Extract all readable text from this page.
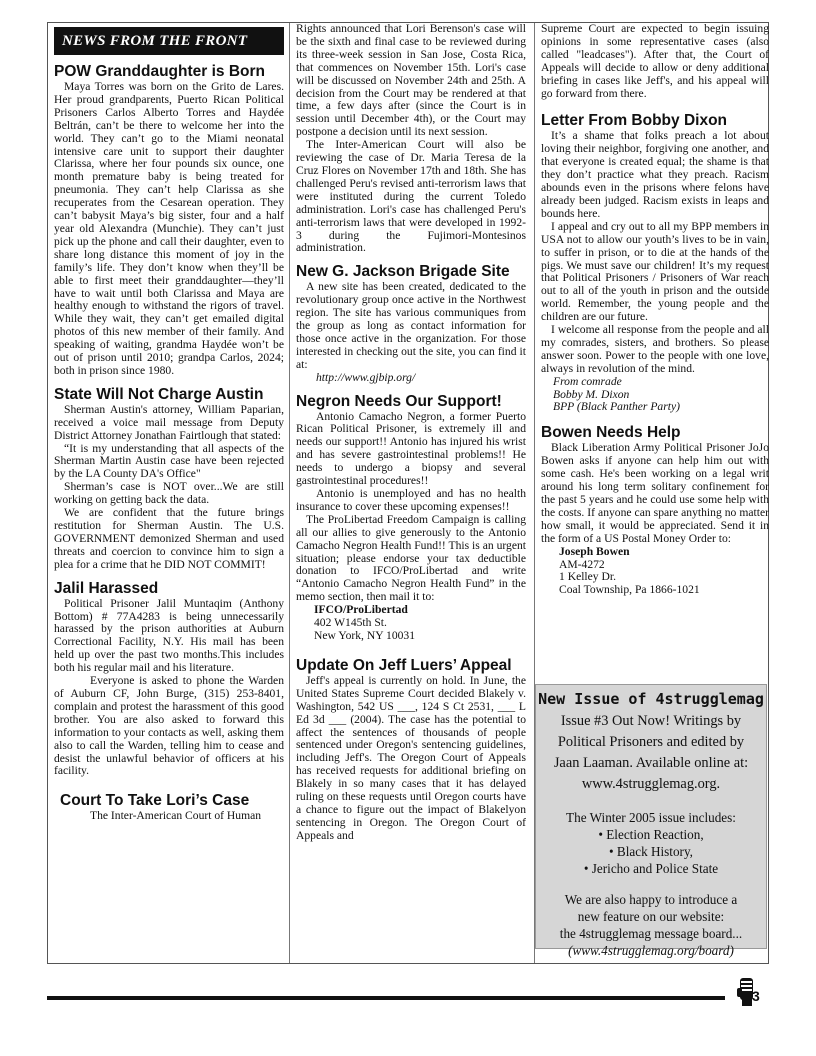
NEWS FROM THE FRONT
POW Granddaughter is Born

Maya Torres was born on the Grito de Lares. Her proud grandparents, Puerto Rican Political Prisoners Carlos Alberto Torres and Haydée Beltrán, can’t be there to welcome her into the world. They can’t go to the Miami neonatal intensive care unit to support their daughter Clarissa, where her four pounds six ounce, one month premature baby is being treated for pneumonia. They can’t help Clarissa as she recuperates from the Cesarean operation. They can’t babysit Maya’s big sister, four and a half year old Alexandra (Munchie). They can’t just pick up the phone and call their daughter, even to share long distance this moment of joy in the family’s life. They don’t know when they’ll be able to first meet their granddaughter—they’ll have to wait until both Clarissa and Maya are healthy enough to withstand the rigors of travel. While they wait, they can’t get emailed digital photos of this new member of their family. And speaking of waiting, grandma Haydée won’t be out of prison until 2010; grandpa Carlos, 2024; both in prison since 1980.

State Will Not Charge Austin

Sherman Austin's attorney, William Paparian, received a voice mail message from Deputy District Attorney Jonathan Fairtlough that stated:

“It is my understanding that all aspects of the Sherman Martin Austin case have been rejected by the LA County DA's Office"

Sherman’s case is NOT over...We are still working on getting back the data.

We are confident that the future brings restitution for Sherman Austin. The U.S. GOVERNMENT demonized Sherman and used threats and coercion to convince him to sign a plea for a crime that he DID NOT COMMIT!

Jalil Harassed

Political Prisoner Jalil Muntaqim (Anthony Bottom) # 77A4283 is being unnecessarily harassed by the prison authorities at Auburn Correctional Facility, N.Y. His mail has been held up over the past two months.This includes both his regular mail and his literature.

Everyone is asked to phone the Warden of Auburn CF, John Burge, (315) 253-8401, complain and protest the harassment of this good brother. You are also asked to forward this information to your contacts as well, asking them also to call the Warden, telling him to cease and desist the unlawful behavior of officers at his facility.

Court To Take Lori’s Case

The Inter-American Court of Human

Rights announced that Lori Berenson's case will be the sixth and final case to be reviewed during its three-week session in San Jose, Costa Rica, that commences on November 15th. Lori's case will be discussed on November 24th and 25th. A decision from the Court may be rendered at that time, a few days after (since the Court is in session until December 4th), or the Court may postpone a decision until its next session.

The Inter-American Court will also be reviewing the case of Dr. Maria Teresa de la Cruz Flores on November 17th and 18th. She has challenged Peru's revised anti-terrorism laws that were instituted during the current Toledo administration. Lori's case has challenged Peru's anti-terrorism laws that were developed in 1992-3 during the Fujimori-Montesinos administration.

New G. Jackson Brigade Site

A new site has been created, dedicated to the revolutionary group once active in the Northwest region. The site has various communiques from the group as long as contact information for those once active in the organization. For those interested in checking out the site, you can find it at:

http://www.gjbip.org/
Negron Needs Our Support!

Antonio Camacho Negron, a former Puerto Rican Political Prisoner, is extremely ill and needs our support!! Antonio has injured his wrist and has severe gastrointestinal problems!! He needs to undergo a biopsy and several gastrointestinal procedures!!

Antonio is unemployed and has no health insurance to cover these upcoming expenses!!

The ProLibertad Freedom Campaign is calling all our allies to give generously to the Antonio Camacho Negron Health Fund!! This is an urgent situation; please endorse your tax deductible donation to IFCO/ProLibertad and write “Antonio Camacho Negron Health Fund” in the memo section, then mail it to:

IFCO/ProLibertad
402 W145th St.
New York, NY 10031
Update On Jeff Luers’ Appeal

Jeff's appeal is currently on hold. In June, the United States Supreme Court decided Blakely v. Washington, 542 US ___, 124 S Ct 2531, ___ L Ed 3d ___ (2004). The case has the potential to affect the sentences of thousands of people sentenced under Oregon's sentencing guidelines, including Jeff's. The Oregon Court of Appeals has received requests for additional briefing on Blakely in so many cases that it has delayed ruling on these requests until Oregon courts have a chance to figure out the impact of Blakelyon sentencing in Oregon. The Oregon Court of Appeals and

Supreme Court are expected to begin issuing opinions in some representative cases (also called "leadcases"). After that, the Court of Appeals will decide to allow or deny additional briefing in cases like Jeff's, and his appeal will go forward from there.

Letter From Bobby Dixon

It’s a shame that folks preach a lot about loving their neighbor, forgiving one another, and that everyone is created equal; the shame is that they don’t practice what they preach. Racism abounds even in the prisons where felons have already been judged. Racism exists in leaps and bounds here.

I appeal and cry out to all my BPP members in USA not to allow our youth’s lives to be in vain, to suffer in prison, or to die at the hands of the pigs. We must save our children! It’s my request that Political Prisoners / Prisoners of War reach out to all of the youth in prison and the outside world. Remember, the young people and the children are our future.

I welcome all response from the people and all my comrades, sisters, and brothers. So please answer soon. Power to the people with one love, always in revolution of the mind.

From comrade
Bobby M. Dixon
BPP (Black Panther Party)
Bowen Needs Help

Black Liberation Army Political Prisoner JoJo Bowen asks if anyone can help him out with some cash. He's been working on a legal writ around his long term solitary confinement for the past 5 years and he could use some help with the costs. If anyone can spare anything no matter how small, it would be appreciated. Send it in the form of a US Postal Money Order to:

Joseph Bowen
AM-4272
1 Kelley Dr.
Coal Township, Pa 1866-1021
New Issue of 4strugglemag
Issue #3 Out Now! Writings by
Political Prisoners and edited by
Jaan Laaman. Available online at:
www.4strugglemag.org.
The Winter 2005 issue includes:
• Election Reaction,
• Black History,
• Jericho and Police State
We are also happy to introduce a
new feature on our website:
the 4strugglemag message board...
(www.4strugglemag.org/board)
3
